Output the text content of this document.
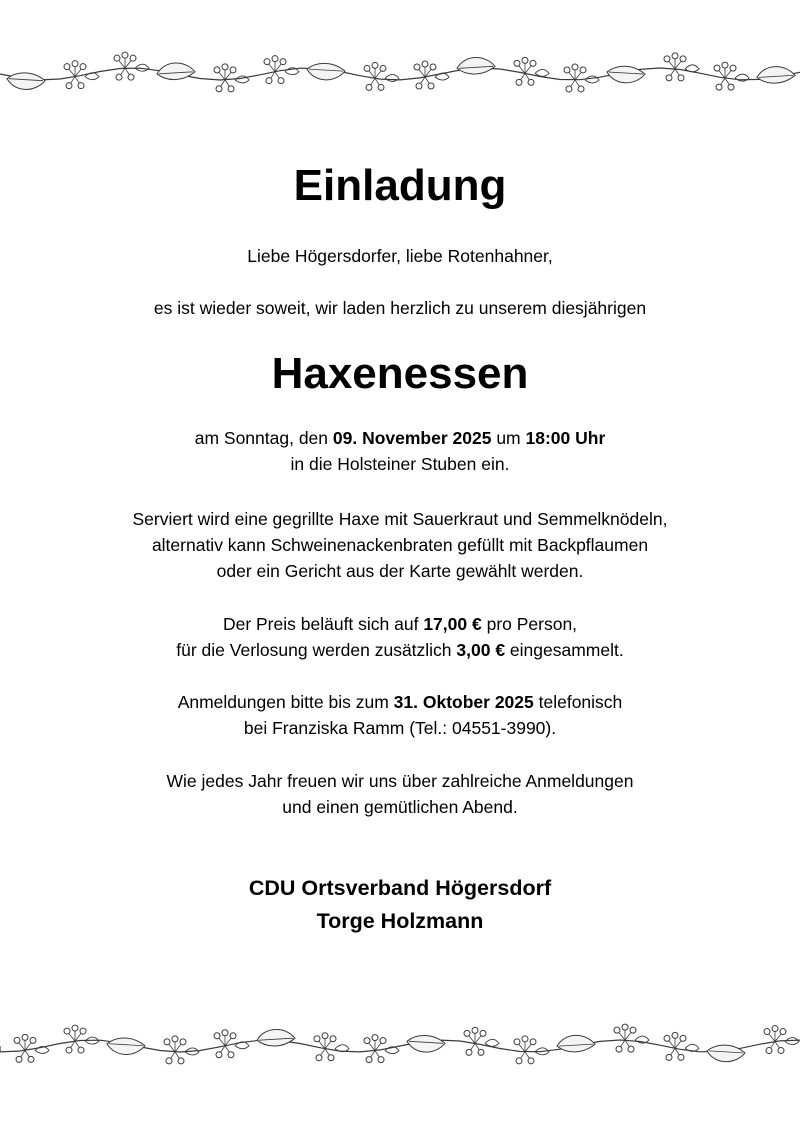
Einladung
Liebe Högersdorfer, liebe Rotenhahner,
es ist wieder soweit, wir laden herzlich zu unserem diesjährigen
Haxenessen
am Sonntag, den 09. November 2025 um 18:00 Uhr
in die Holsteiner Stuben ein.
Serviert wird eine gegrillte Haxe mit Sauerkraut und Semmelknödeln,
alternativ kann Schweinenackenbraten gefüllt mit Backpflaumen
oder ein Gericht aus der Karte gewählt werden.
Der Preis beläuft sich auf 17,00 € pro Person,
für die Verlosung werden zusätzlich 3,00 € eingesammelt.
Anmeldungen bitte bis zum 31. Oktober 2025 telefonisch
bei Franziska Ramm (Tel.: 04551-3990).
Wie jedes Jahr freuen wir uns über zahlreiche Anmeldungen
und einen gemütlichen Abend.
CDU Ortsverband Högersdorf
Torge Holzmann
